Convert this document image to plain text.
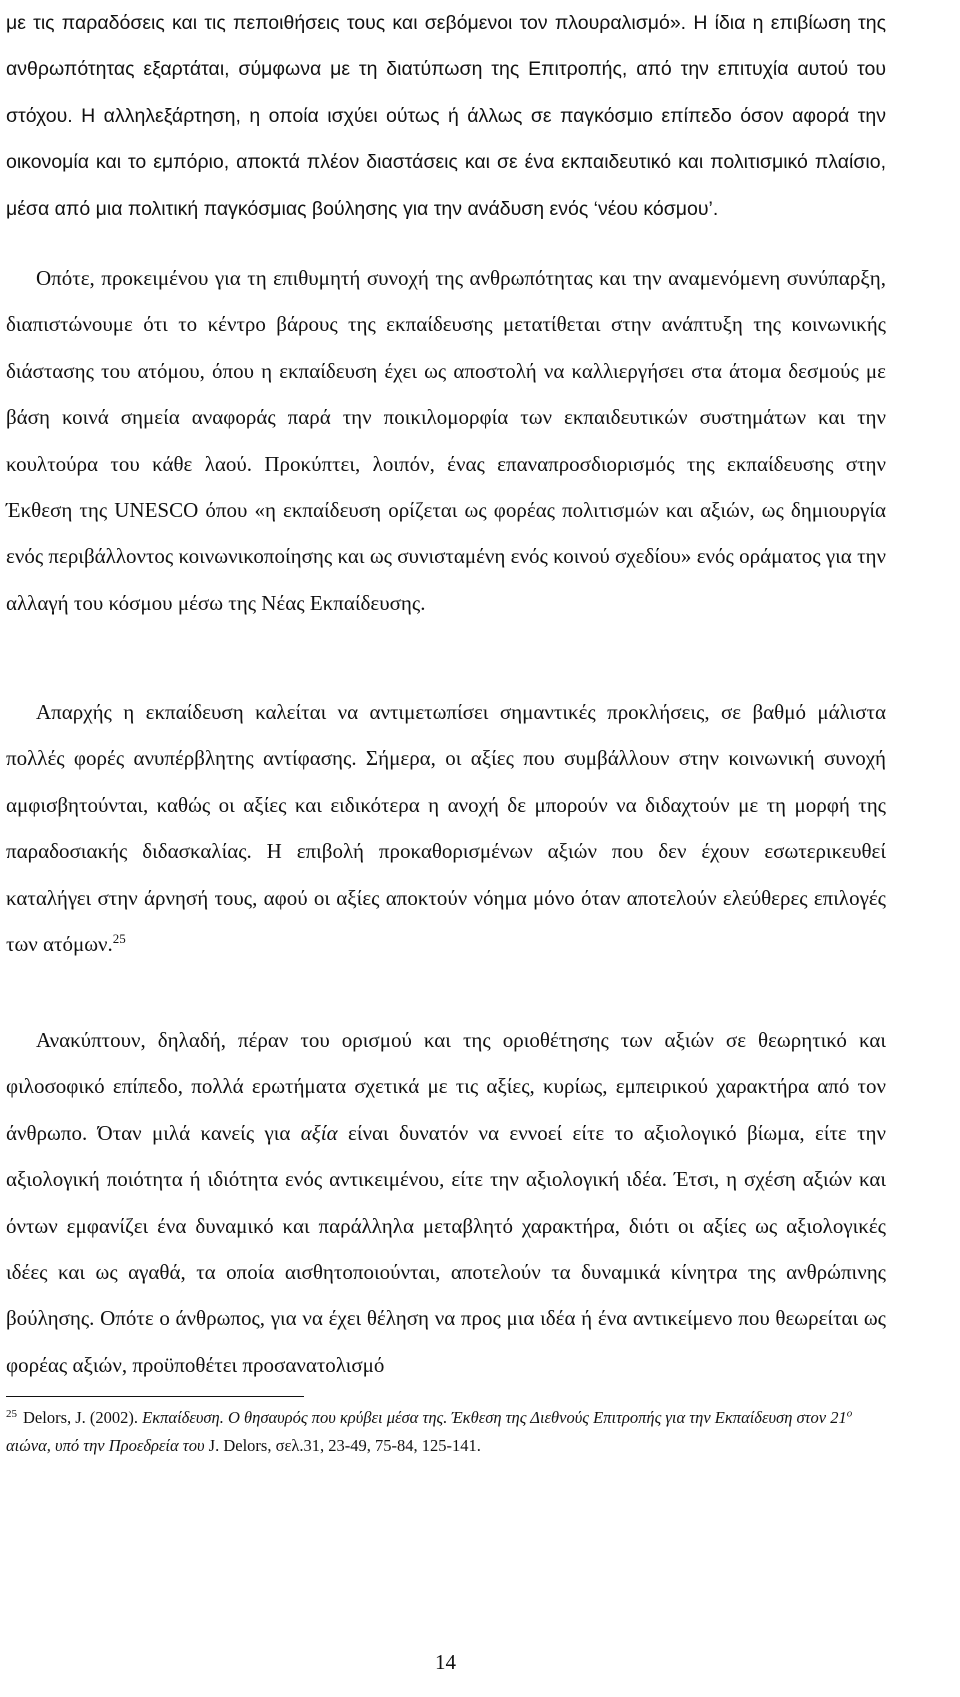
με τις παραδόσεις και τις πεποιθήσεις τους και σεβόμενοι τον πλουραλισμό». Η ίδια η επιβίωση της ανθρωπότητας εξαρτάται, σύμφωνα με τη διατύπωση της Επιτροπής, από την επιτυχία αυτού του στόχου. Η αλληλεξάρτηση, η οποία ισχύει ούτως ή άλλως σε παγκόσμιο επίπεδο όσον αφορά την οικονομία και το εμπόριο, αποκτά πλέον διαστάσεις και σε ένα εκπαιδευτικό και πολιτισμικό πλαίσιο, μέσα από μια πολιτική παγκόσμιας βούλησης για την ανάδυση ενός ‘νέου κόσμου’.

Οπότε, προκειμένου για τη επιθυμητή συνοχή της ανθρωπότητας και την αναμενόμενη συνύπαρξη, διαπιστώνουμε ότι το κέντρο βάρους της εκπαίδευσης μετατίθεται στην ανάπτυξη της κοινωνικής διάστασης του ατόμου, όπου η εκπαίδευση έχει ως αποστολή να καλλιεργήσει στα άτομα δεσμούς με βάση κοινά σημεία αναφοράς παρά την ποικιλομορφία των εκπαιδευτικών συστημάτων και την κουλτούρα του κάθε λαού. Προκύπτει, λοιπόν, ένας επαναπροσδιορισμός της εκπαίδευσης στην Έκθεση της UNESCO όπου «η εκπαίδευση ορίζεται ως φορέας πολιτισμών και αξιών, ως δημιουργία ενός περιβάλλοντος κοινωνικοποίησης και ως συνισταμένη ενός κοινού σχεδίου» ενός οράματος για την αλλαγή του κόσμου μέσω της Νέας Εκπαίδευσης.

Απαρχής η εκπαίδευση καλείται να αντιμετωπίσει σημαντικές προκλήσεις, σε βαθμό μάλιστα πολλές φορές ανυπέρβλητης αντίφασης. Σήμερα, οι αξίες που συμβάλλουν στην κοινωνική συνοχή αμφισβητούνται, καθώς οι αξίες και ειδικότερα η ανοχή δε μπορούν να διδαχτούν με τη μορφή της παραδοσιακής διδασκαλίας. Η επιβολή προκαθορισμένων αξιών που δεν έχουν εσωτερικευθεί καταλήγει στην άρνησή τους, αφού οι αξίες αποκτούν νόημα μόνο όταν αποτελούν ελεύθερες επιλογές των ατόμων.$^{25}$

Ανακύπτουν, δηλαδή, πέραν του ορισμού και της οριοθέτησης των αξιών σε θεωρητικό και φιλοσοφικό επίπεδο, πολλά ερωτήματα σχετικά με τις αξίες, κυρίως, εμπειρικού χαρακτήρα από τον άνθρωπο. Όταν μιλά κανείς για αξία είναι δυνατόν να εννοεί είτε το αξιολογικό βίωμα, είτε την αξιολογική ποιότητα ή ιδιότητα ενός αντικειμένου, είτε την αξιολογική ιδέα. Έτσι, η σχέση αξιών και όντων εμφανίζει ένα δυναμικό και παράλληλα μεταβλητό χαρακτήρα, διότι οι αξίες ως αξιολογικές ιδέες και ως αγαθά, τα οποία αισθητοποιούνται, αποτελούν τα δυναμικά κίνητρα της ανθρώπινης βούλησης. Οπότε ο άνθρωπος, για να έχει θέληση να προς μια ιδέα ή ένα αντικείμενο που θεωρείται ως φορέας αξιών, προϋποθέτει προσανατολισμό

$^{25}$ Delors, J. (2002). Εκπαίδευση. Ο θησαυρός που κρύβει μέσα της. Έκθεση της Διεθνούς Επιτροπής για την Εκπαίδευση στον $21^o$ αιώνα, υπό την Προεδρεία του J. Delors, σελ.31, 23-49, 75-84, 125-141.

14
